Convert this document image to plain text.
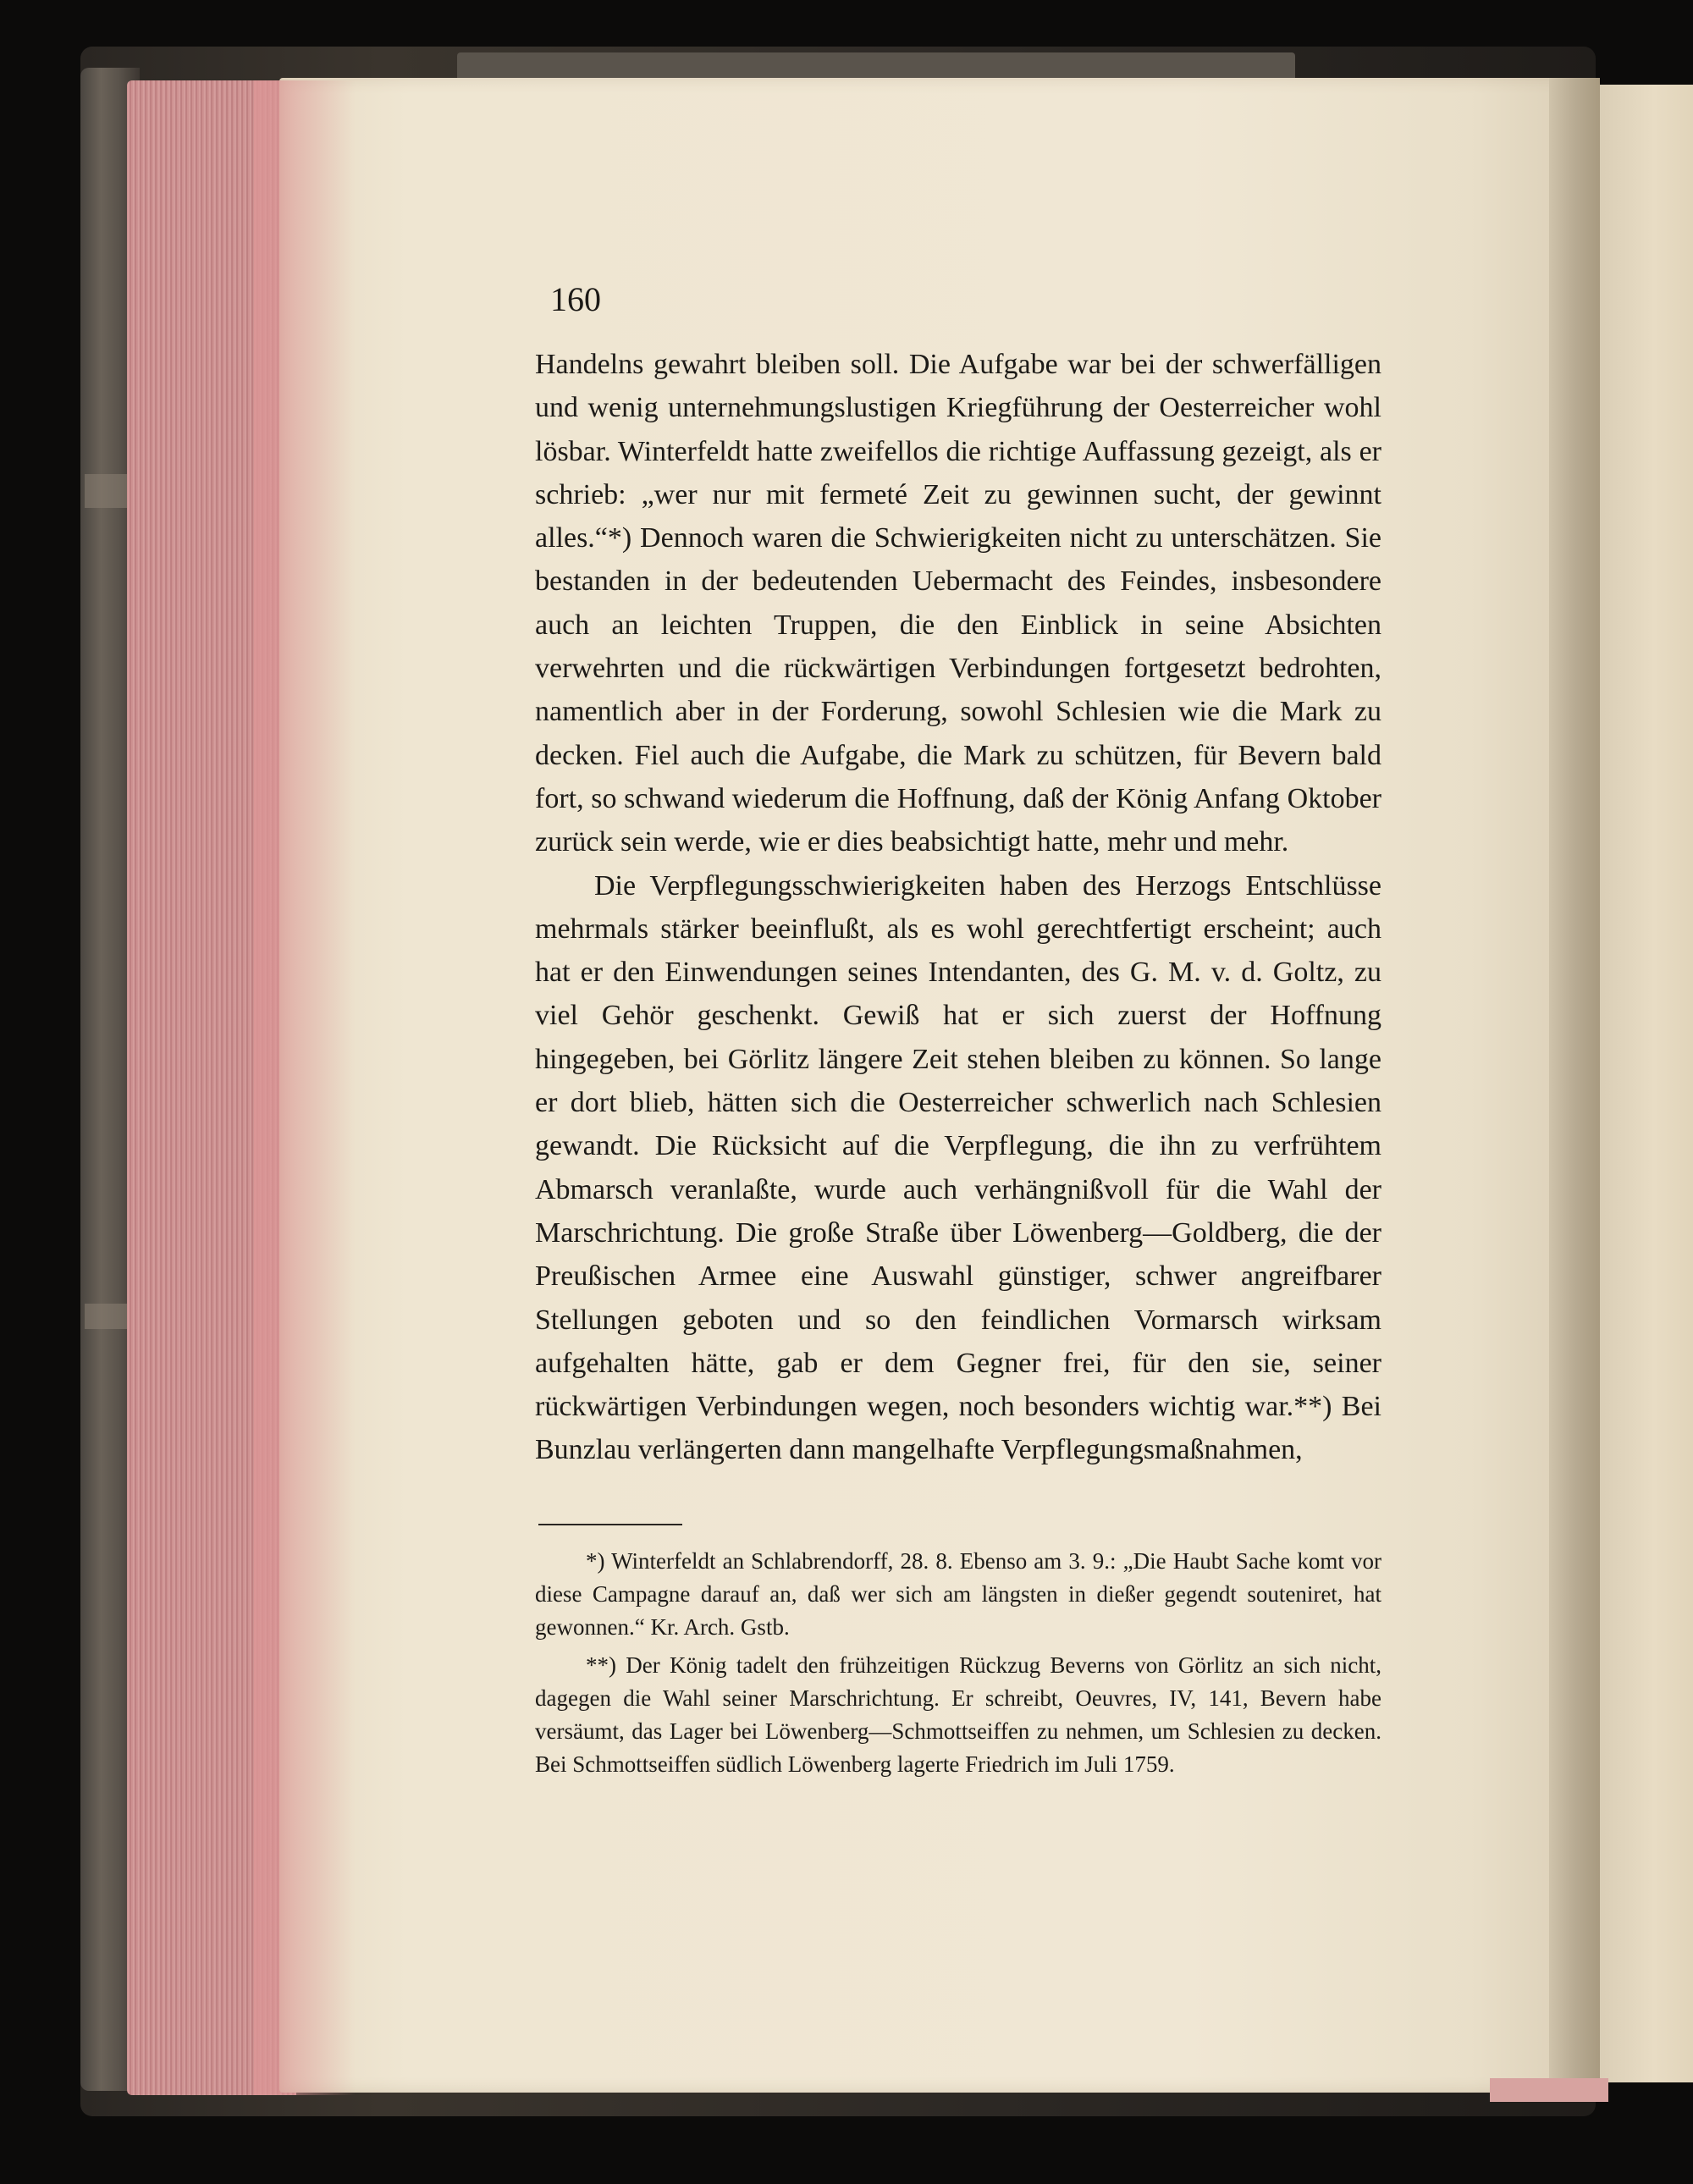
160

Handelns gewahrt bleiben soll. Die Aufgabe war bei der schwerfälligen und wenig unternehmungslustigen Kriegführung der Oesterreicher wohl lösbar. Winterfeldt hatte zweifellos die richtige Auffassung gezeigt, als er schrieb: „wer nur mit fermeté Zeit zu gewinnen sucht, der gewinnt alles.“*) Dennoch waren die Schwierigkeiten nicht zu unterschätzen. Sie bestanden in der bedeutenden Uebermacht des Feindes, insbesondere auch an leichten Truppen, die den Einblick in seine Absichten verwehrten und die rückwärtigen Verbindungen fortgesetzt bedrohten, namentlich aber in der Forderung, sowohl Schlesien wie die Mark zu decken. Fiel auch die Aufgabe, die Mark zu schützen, für Bevern bald fort, so schwand wiederum die Hoffnung, daß der König Anfang Oktober zurück sein werde, wie er dies beabsichtigt hatte, mehr und mehr.

Die Verpflegungsschwierigkeiten haben des Herzogs Entschlüsse mehrmals stärker beeinflußt, als es wohl gerechtfertigt erscheint; auch hat er den Einwendungen seines Intendanten, des G. M. v. d. Goltz, zu viel Gehör geschenkt. Gewiß hat er sich zuerst der Hoffnung hingegeben, bei Görlitz längere Zeit stehen bleiben zu können. So lange er dort blieb, hätten sich die Oesterreicher schwerlich nach Schlesien gewandt. Die Rücksicht auf die Verpflegung, die ihn zu verfrühtem Abmarsch veranlaßte, wurde auch verhängnißvoll für die Wahl der Marschrichtung. Die große Straße über Löwenberg—Goldberg, die der Preußischen Armee eine Auswahl günstiger, schwer angreifbarer Stellungen geboten und so den feindlichen Vormarsch wirksam aufgehalten hätte, gab er dem Gegner frei, für den sie, seiner rückwärtigen Verbindungen wegen, noch besonders wichtig war.**) Bei Bunzlau verlängerten dann mangelhafte Verpflegungsmaßnahmen,

*) Winterfeldt an Schlabrendorff, 28. 8. Ebenso am 3. 9.: „Die Haubt Sache komt vor diese Campagne darauf an, daß wer sich am längsten in dießer gegendt souteniret, hat gewonnen.“ Kr. Arch. Gstb.

**) Der König tadelt den frühzeitigen Rückzug Beverns von Görlitz an sich nicht, dagegen die Wahl seiner Marschrichtung. Er schreibt, Oeuvres, IV, 141, Bevern habe versäumt, das Lager bei Löwenberg—Schmottseiffen zu nehmen, um Schlesien zu decken. Bei Schmottseiffen südlich Löwenberg lagerte Friedrich im Juli 1759.
